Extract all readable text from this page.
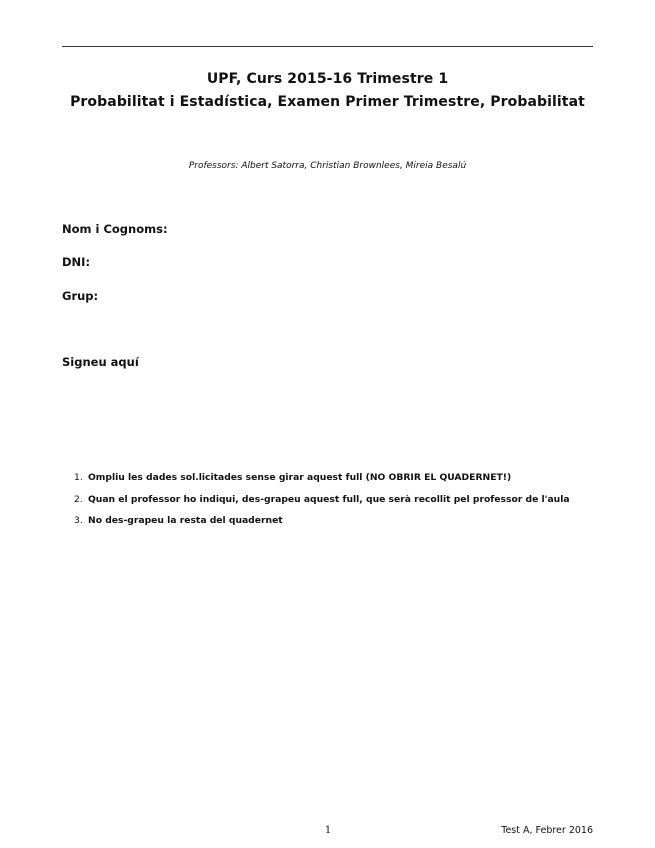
UPF, Curs 2015-16 Trimestre 1
Probabilitat i Estadística, Examen Primer Trimestre, Probabilitat
Professors: Albert Satorra, Christian Brownlees, Mireia Besalú
Nom i Cognoms:
DNI:
Grup:
Signeu aquí
1. Ompliu les dades sol.licitades sense girar aquest full (NO OBRIR EL QUADERNET!)
2. Quan el professor ho indiqui, des-grapeu aquest full, que serà recollit pel professor de l'aula
3. No des-grapeu la resta del quadernet
1	Test A, Febrer 2016
